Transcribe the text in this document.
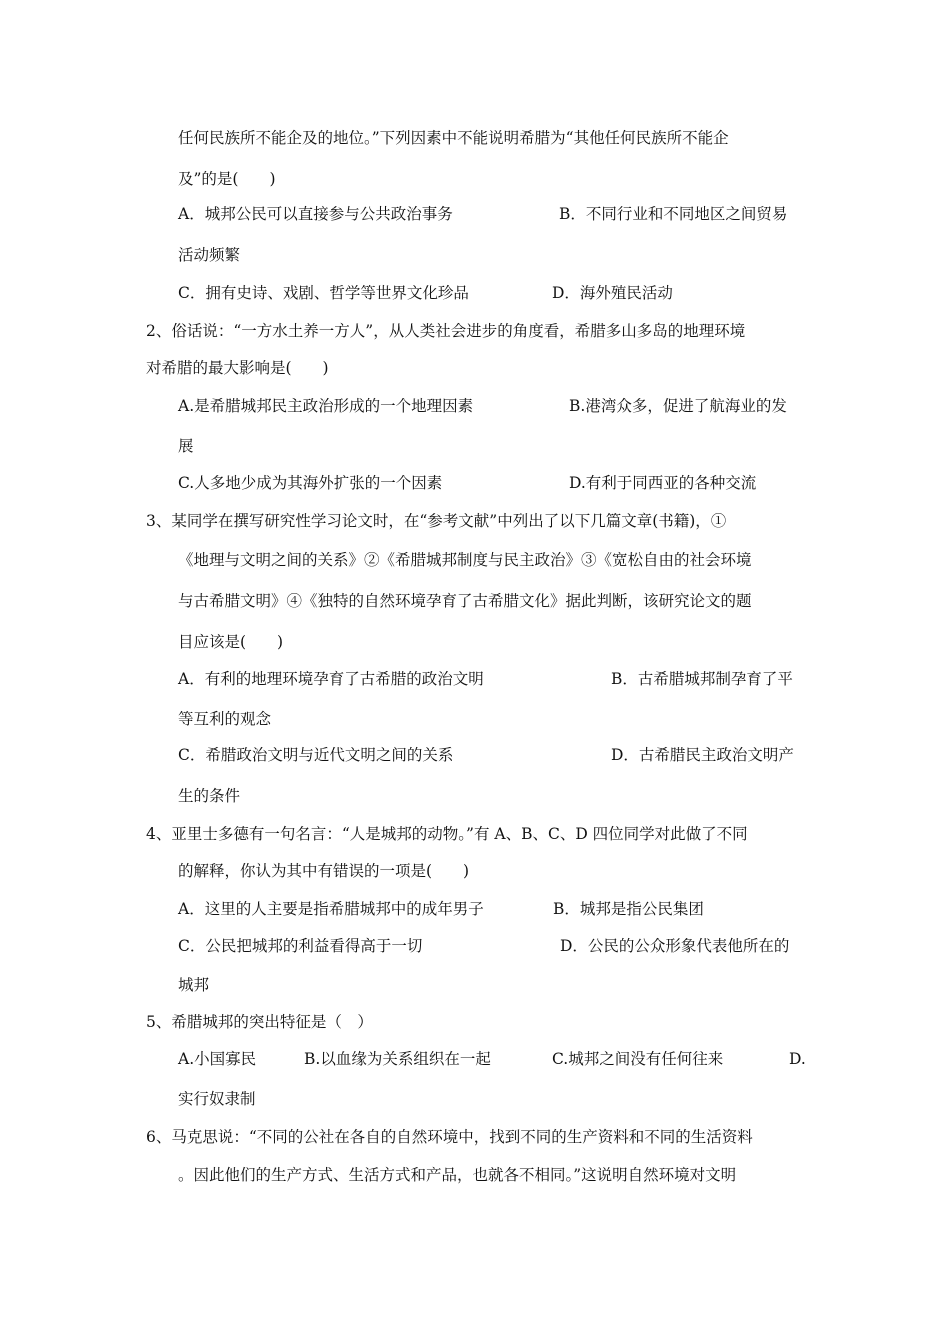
任何民族所不能企及的地位。”下列因素中不能说明希腊为“其他任何民族所不能企
及”的是(　　)
A．城邦公民可以直接参与公共政治事务	B．不同行业和不同地区之间贸易
活动频繁
C．拥有史诗、戏剧、哲学等世界文化珍品	D．海外殖民活动
2、俗话说：“一方水土养一方人”，从人类社会进步的角度看，希腊多山多岛的地理环境
对希腊的最大影响是(　　)
A.是希腊城邦民主政治形成的一个地理因素	B.港湾众多，促进了航海业的发
展
C.人多地少成为其海外扩张的一个因素	D.有利于同西亚的各种交流
3、某同学在撰写研究性学习论文时，在“参考文献”中列出了以下几篇文章(书籍)，①
《地理与文明之间的关系》②《希腊城邦制度与民主政治》③《宽松自由的社会环境
与古希腊文明》④《独特的自然环境孕育了古希腊文化》据此判断，该研究论文的题
目应该是(　　)
A．有利的地理环境孕育了古希腊的政治文明	B．古希腊城邦制孕育了平
等互利的观念
C．希腊政治文明与近代文明之间的关系	D．古希腊民主政治文明产
生的条件
4、亚里士多德有一句名言：“人是城邦的动物。”有 A、B、C、D 四位同学对此做了不同
的解释，你认为其中有错误的一项是(　　)
A．这里的人主要是指希腊城邦中的成年男子	B．城邦是指公民集团
C．公民把城邦的利益看得高于一切	D．公民的公众形象代表他所在的
城邦
5、希腊城邦的突出特征是（　）
A.小国寡民	B.以血缘为关系组织在一起	C.城邦之间没有任何往来	D.
实行奴隶制
6、马克思说：“不同的公社在各自的自然环境中，找到不同的生产资料和不同的生活资料
。因此他们的生产方式、生活方式和产品，也就各不相同。”这说明自然环境对文明
